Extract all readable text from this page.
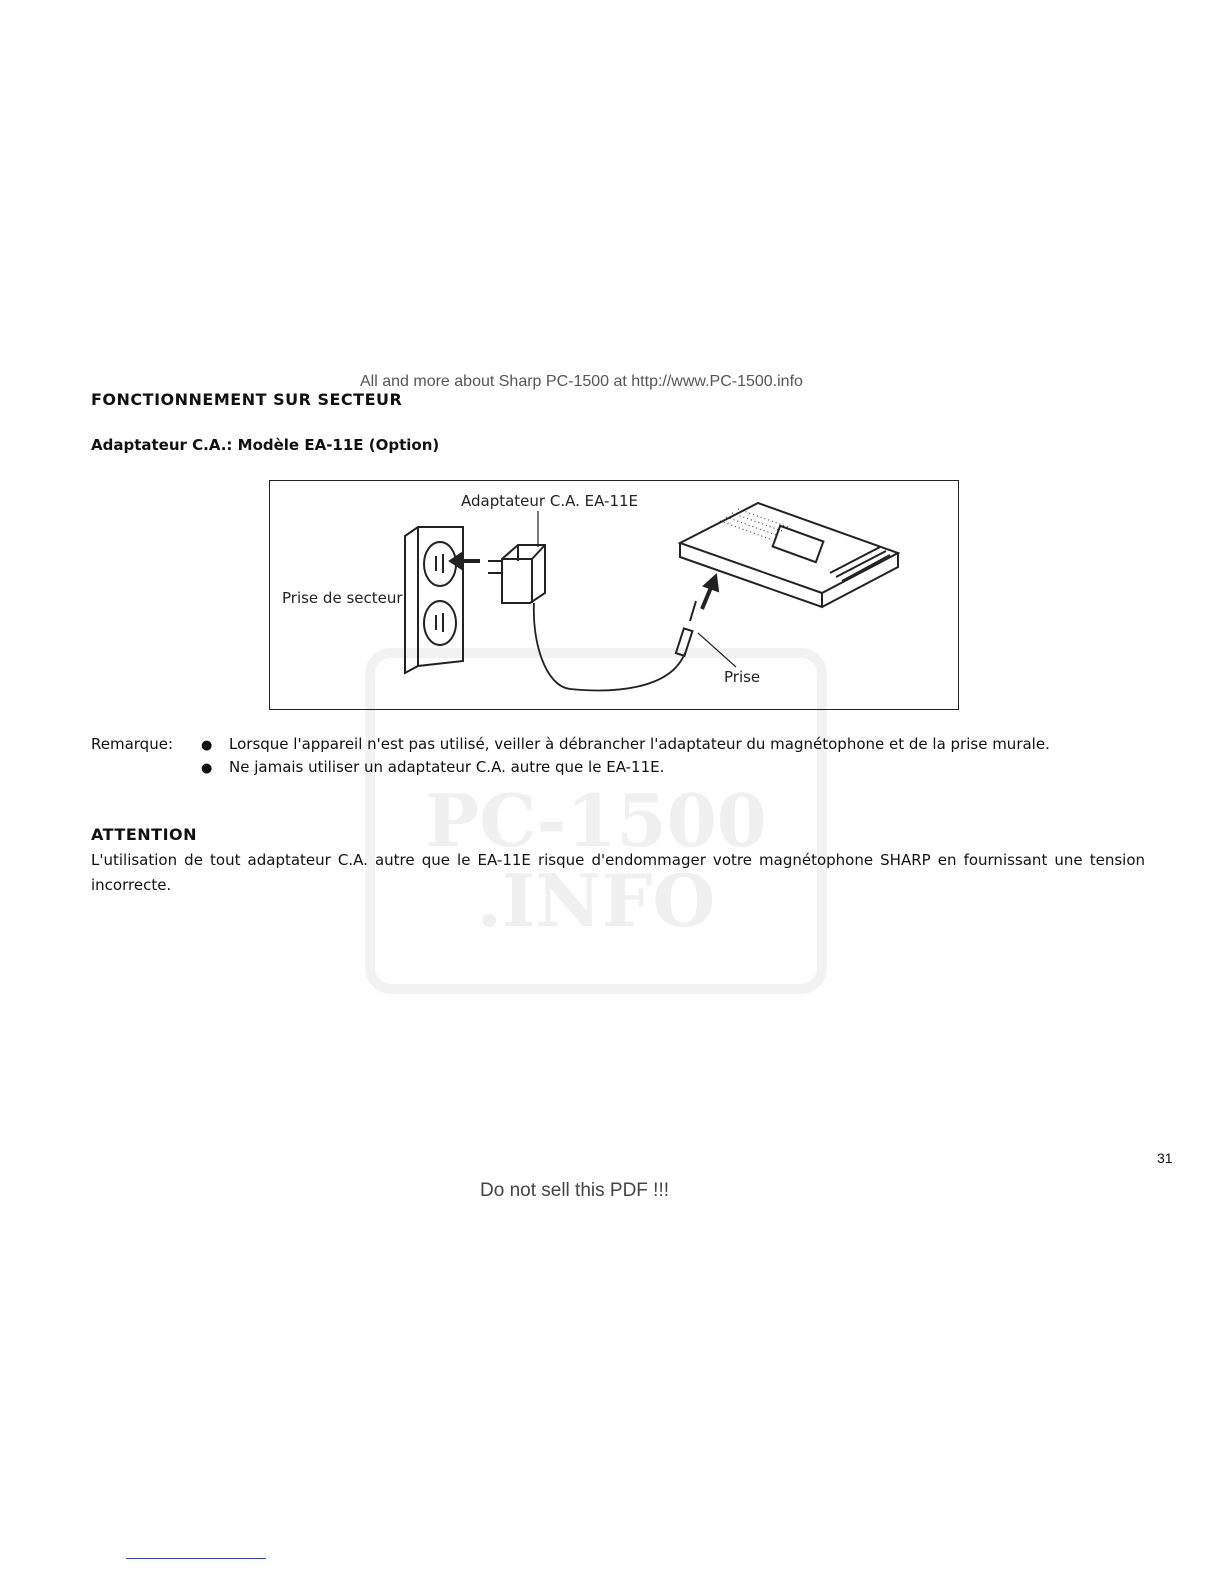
PC-1500
.INFO
All and more about Sharp PC-1500 at http://www.PC-1500.info
FONCTIONNEMENT SUR SECTEUR
Adaptateur C.A.: Modèle EA-11E (Option)
Adaptateur C.A. EA-11E
Prise de secteur
Prise
Remarque: ● Lorsque l'appareil n'est pas utilisé, veiller à débrancher l'adaptateur du magnétophone et de la prise murale.
● Ne jamais utiliser un adaptateur C.A. autre que le EA-11E.
ATTENTION
L'utilisation de tout adaptateur C.A. autre que le EA-11E risque d'endommager votre magnétophone SHARP en fournissant une tension incorrecte.
31
Do not sell this PDF !!!
